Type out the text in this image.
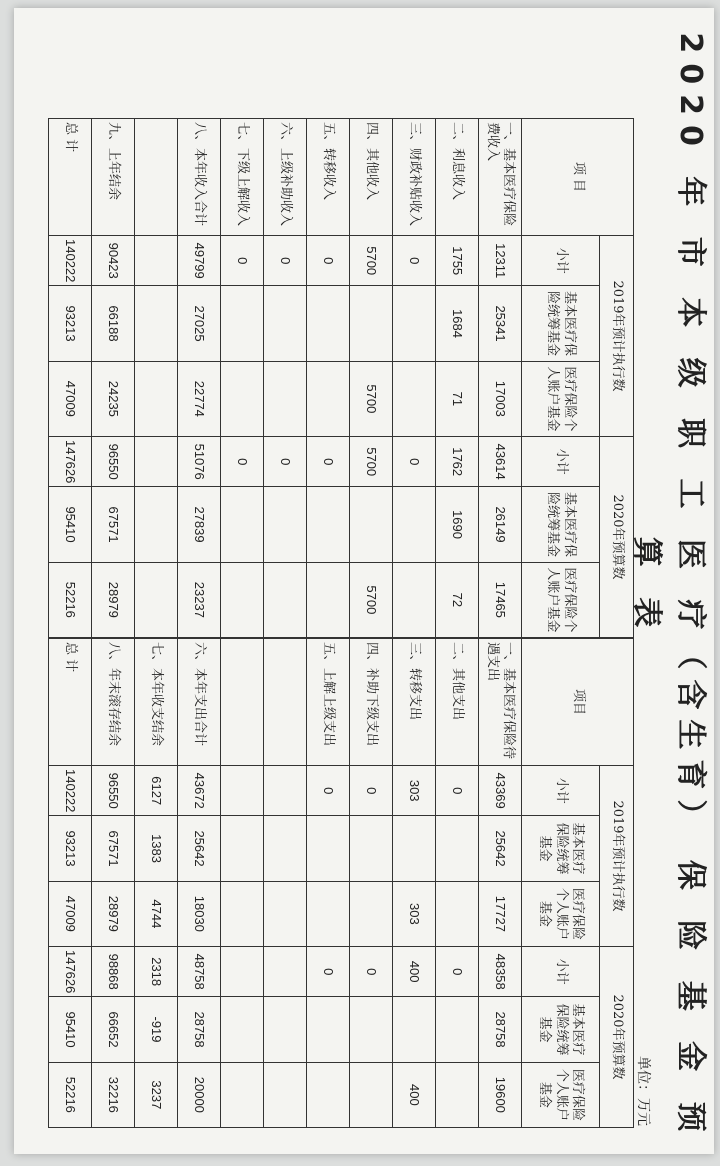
2020 年 市 本 级 职 工 医 疗（含生育） 保 险 基 金 预 算 表
单位：万元
项 目	2019年预计执行数			2020年预算数		
	小计	基本医疗保险统筹基金	医疗保险个人账户基金	小计	基本医疗保险统筹基金	医疗保险个人账户基金
一、基本医疗保险费收入	12311	25341	17003	43614	26149	17465
二、利息收入	1755	1684	71	1762	1690	72
三、财政补贴收入	0			0		
四、其他收入	5700		5700	5700		5700
五、转移收入	0			0		
六、上级补助收入	0			0		
七、下级上解收入	0			0		
八、本年收入合计	49799	27025	22774	51076	27839	23237

九、上年结余	90423	66188	24235	96550	67571	28979
总 计	140222	93213	47009	147626	95410	52216
项目	2019年预计执行数			2020年预算数		
	小计	基本医疗保险统筹基金	医疗保险个人账户基金	小计	基本医疗保险统筹基金	医疗保险个人账户基金
一、基本医疗保险待遇支出	43369	25642	17727	48358	28758	19600
二、其他支出	0			0		
三、转移支出	303		303	400		400
四、补助下级支出	0			0		
五、上解上级支出	0			0		

六、本年支出合计	43672	25642	18030	48758	28758	20000
七、本年收支结余	6127	1383	4744	2318	-919	3237
八、年末滚存结余	96550	67571	28979	98868	66652	32216
总 计	140222	93213	47009	147626	95410	52216
